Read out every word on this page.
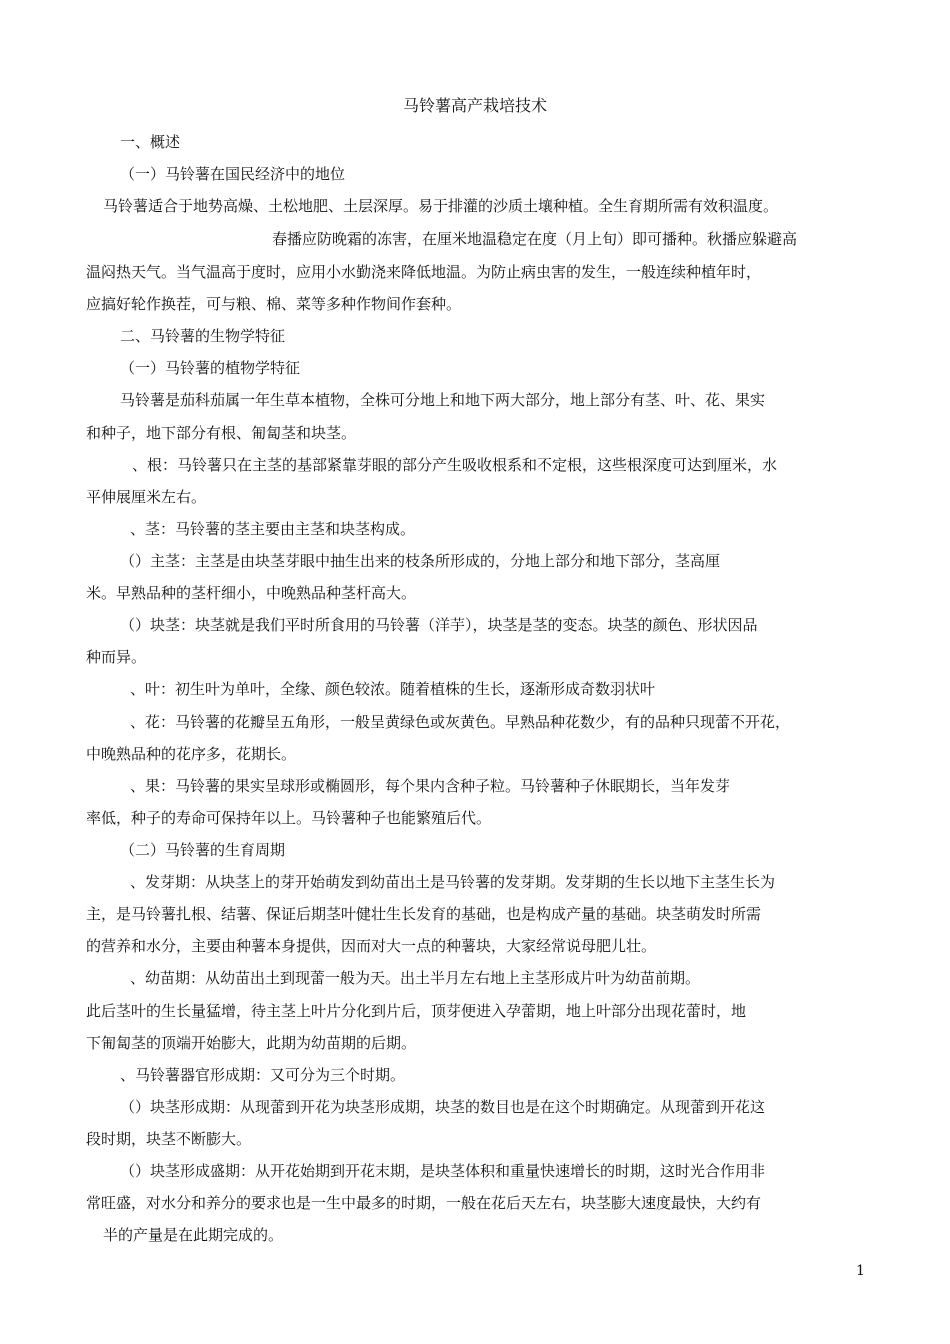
马铃薯高产栽培技术
一、概述
（一）马铃薯在国民经济中的地位
马铃薯适合于地势高燥、土松地肥、土层深厚。易于排灌的沙质土壤种植。全生育期所需有效积温度。
春播应防晚霜的冻害，在厘米地温稳定在度（月上旬）即可播种。秋播应躲避高
温闷热天气。当气温高于度时，应用小水勤浇来降低地温。为防止病虫害的发生，一般连续种植年时，
应搞好轮作换茬，可与粮、棉、菜等多种作物间作套种。
二、马铃薯的生物学特征
（一）马铃薯的植物学特征
马铃薯是茄科茄属一年生草本植物，全株可分地上和地下两大部分，地上部分有茎、叶、花、果实
和种子，地下部分有根、匍匐茎和块茎。
、根：马铃薯只在主茎的基部紧靠芽眼的部分产生吸收根系和不定根，这些根深度可达到厘米，水
平伸展厘米左右。
、茎：马铃薯的茎主要由主茎和块茎构成。
（）主茎：主茎是由块茎芽眼中抽生出来的枝条所形成的，分地上部分和地下部分，茎高厘
米。早熟品种的茎杆细小，中晚熟品种茎杆高大。
（）块茎：块茎就是我们平时所食用的马铃薯（洋芋），块茎是茎的变态。块茎的颜色、形状因品
种而异。
、叶：初生叶为单叶，全缘、颜色较浓。随着植株的生长，逐渐形成奇数羽状叶
、花：马铃薯的花瓣呈五角形，一般呈黄绿色或灰黄色。早熟品种花数少，有的品种只现蕾不开花，
中晚熟品种的花序多，花期长。
、果：马铃薯的果实呈球形或椭圆形，每个果内含种子粒。马铃薯种子休眠期长，当年发芽
率低，种子的寿命可保持年以上。马铃薯种子也能繁殖后代。
（二）马铃薯的生育周期
、发芽期：从块茎上的芽开始萌发到幼苗出土是马铃薯的发芽期。发芽期的生长以地下主茎生长为
主，是马铃薯扎根、结薯、保证后期茎叶健壮生长发育的基础，也是构成产量的基础。块茎萌发时所需
的营养和水分，主要由种薯本身提供，因而对大一点的种薯块，大家经常说母肥儿壮。
、幼苗期：从幼苗出土到现蕾一般为天。出土半月左右地上主茎形成片叶为幼苗前期。
此后茎叶的生长量猛增，待主茎上叶片分化到片后，顶芽便进入孕蕾期，地上叶部分出现花蕾时，地
下匍匐茎的顶端开始膨大，此期为幼苗期的后期。
、马铃薯器官形成期：又可分为三个时期。
（）块茎形成期：从现蕾到开花为块茎形成期，块茎的数目也是在这个时期确定。从现蕾到开花这
段时期，块茎不断膨大。
（）块茎形成盛期：从开花始期到开花末期，是块茎体积和重量快速增长的时期，这时光合作用非
常旺盛，对水分和养分的要求也是一生中最多的时期，一般在花后天左右，块茎膨大速度最快，大约有
半的产量是在此期完成的。
1
